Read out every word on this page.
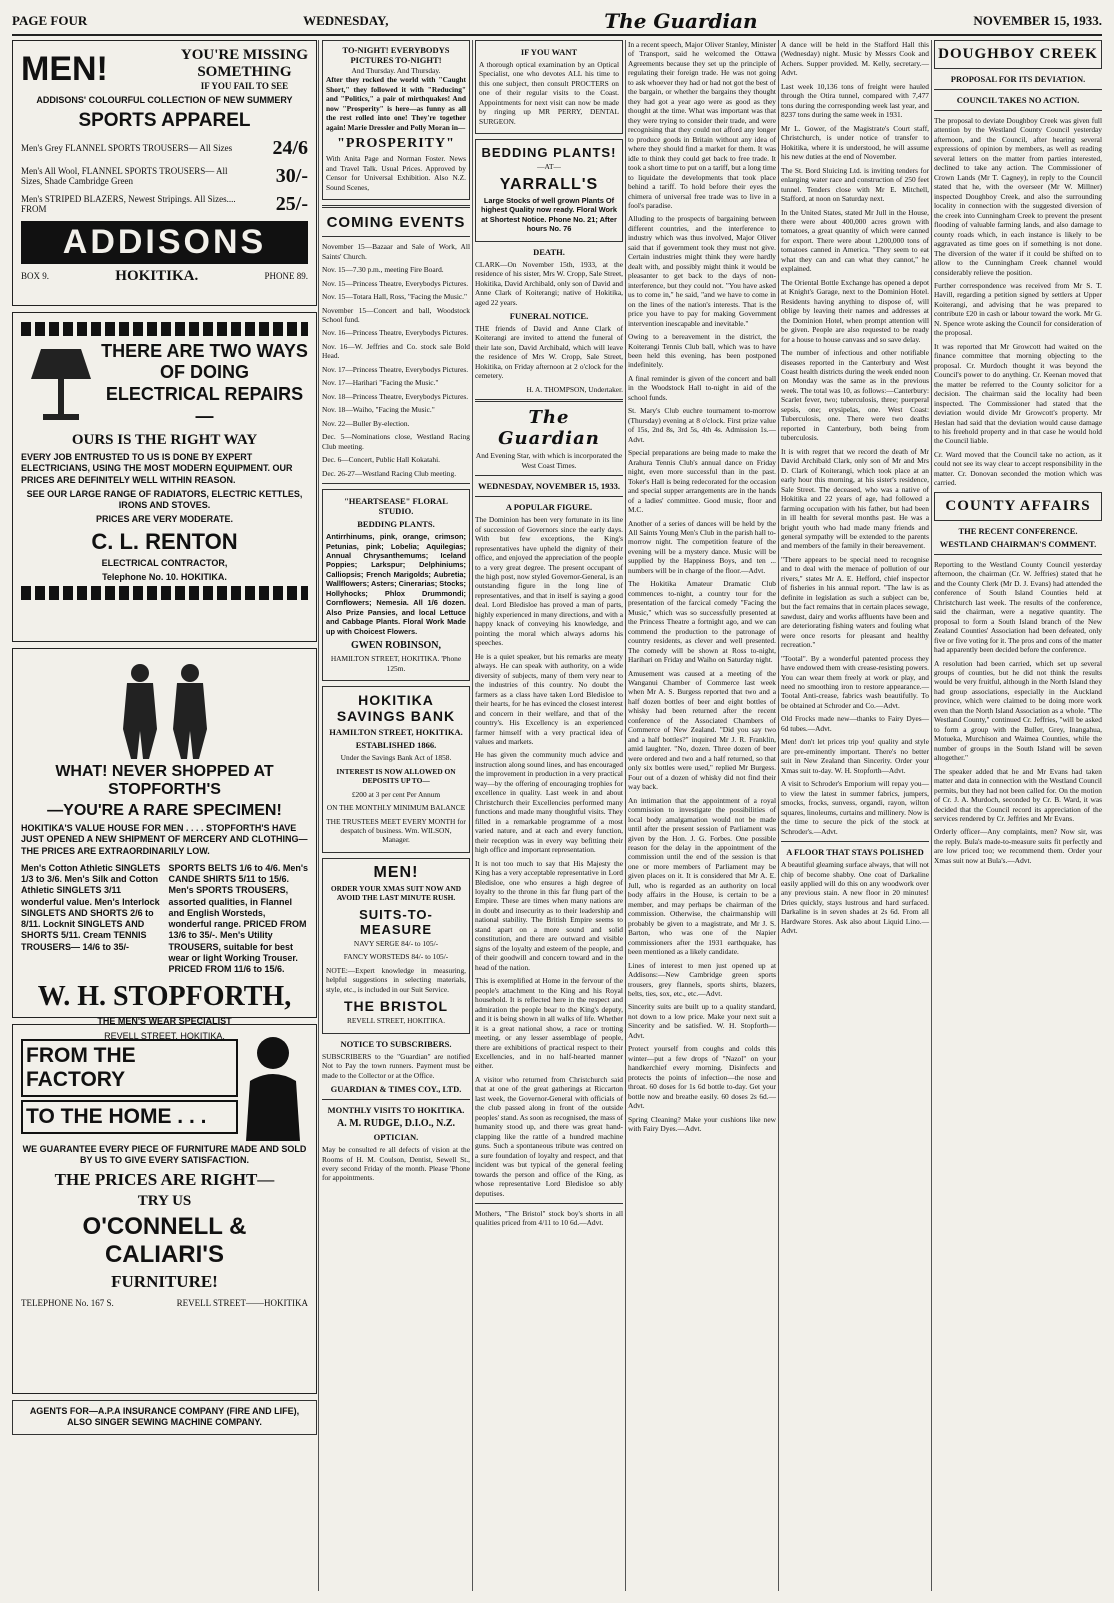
PAGE FOUR	WEDNESDAY,	The Guardian	NOVEMBER 15, 1933.
MEN!	YOU'RE MISSING
SOMETHING
IF YOU FAIL TO SEE

ADDISONS' COLOURFUL COLLECTION OF NEW SUMMERY

SPORTS APPAREL

Men's Grey FLANNEL SPORTS TROUSERS— All Sizes	24/6
Men's All Wool, FLANNEL SPORTS TROUSERS— All Sizes, Shade Cambridge Green	30/-
Men's STRIPED BLAZERS, Newest Stripings. All Sizes.... FROM	25/-
ADDISONS
BOX 9.	HOKITIKA.	PHONE 89.
THERE ARE TWO WAYS OF DOING ELECTRICAL REPAIRS—

OURS IS THE RIGHT WAY

EVERY JOB ENTRUSTED TO US IS DONE BY EXPERT ELECTRICIANS, USING THE MOST MODERN EQUIPMENT. OUR PRICES ARE DEFINITELY WELL WITHIN REASON.

SEE OUR LARGE RANGE OF RADIATORS, ELECTRIC KETTLES, IRONS AND STOVES.

PRICES ARE VERY MODERATE.

C. L. RENTON

ELECTRICAL CONTRACTOR,

Telephone No. 10. HOKITIKA.

WHAT! NEVER SHOPPED AT STOPFORTH'S

—YOU'RE A RARE SPECIMEN!

HOKITIKA'S VALUE HOUSE FOR MEN . . . . STOPFORTH'S HAVE JUST OPENED A NEW SHIPMENT OF MERCERY AND CLOTHING—THE PRICES ARE EXTRAORDINARILY LOW.

Men's Cotton Athletic SINGLETS 1/3 to 3/6. Men's Silk and Cotton Athletic SINGLETS 3/11 wonderful value. Men's Interlock SINGLETS AND SHORTS 2/6 to 8/11. Locknit SINGLETS AND SHORTS 5/11. Cream TENNIS TROUSERS— 14/6 to 35/-

SPORTS BELTS 1/6 to 4/6. Men's CANDE SHIRTS 5/11 to 15/6. Men's SPORTS TROUSERS, assorted qualities, in Flannel and English Worsteds, wonderful range. PRICED FROM 13/6 to 35/-. Men's Utility TROUSERS, suitable for best wear or light Working Trouser. PRICED FROM 11/6 to 15/6.

W. H. STOPFORTH,

THE MEN'S WEAR SPECIALIST

REVELL STREET, HOKITIKA.

FROM THE FACTORY

TO THE HOME . . .

WE GUARANTEE EVERY PIECE OF FURNITURE MADE AND SOLD BY US TO GIVE EVERY SATISFACTION.

THE PRICES ARE RIGHT—

TRY US

O'CONNELL & CALIARI'S

FURNITURE!

TELEPHONE No. 167 S.	REVELL STREET——HOKITIKA
AGENTS FOR—A.P.A INSURANCE COMPANY (FIRE AND LIFE), ALSO SINGER SEWING MACHINE COMPANY.

TO-NIGHT! EVERYBODYS PICTURES TO-NIGHT!

And Thursday. And Thursday.

After they rocked the world with "Caught Short," they followed it with "Reducing" and "Politics," a pair of mirthquakes! And now "Prosperity" is here—as funny as all the rest rolled into one! They're together again! Marie Dressler and Polly Moran in—

"PROSPERITY"

With Anita Page and Norman Foster. News and Travel Talk. Usual Prices. Approved by Censor for Universal Exhibition. Also N.Z. Sound Scenes,

COMING EVENTS

November 15—Bazaar and Sale of Work, All Saints' Church.

Nov. 15—7.30 p.m., meeting Fire Board.

Nov. 15—Princess Theatre, Everybodys Pictures.

Nov. 15—Totara Hall, Ross, "Facing the Music."

November 15—Concert and ball, Woodstock School fund.

Nov. 16—Princess Theatre, Everybodys Pictures.

Nov. 16—W. Jeffries and Co. stock sale Bold Head.

Nov. 17—Princess Theatre, Everybodys Pictures.

Nov. 17—Harihari "Facing the Music."

Nov. 18—Princess Theatre, Everybodys Pictures.

Nov. 18—Waiho, "Facing the Music."

Nov. 22—Buller By-election.

Dec. 5—Nominations close, Westland Racing Club meeting.

Dec. 6—Concert, Public Hall Kokatahi.

Dec. 26-27—Westland Racing Club meeting.

"HEARTSEASE" FLORAL STUDIO.

BEDDING PLANTS.

Antirrhinums, pink, orange, crimson; Petunias, pink; Lobelia; Aquilegias; Annual Chrysanthemums; Iceland Poppies; Larkspur; Delphiniums; Calliopsis; French Marigolds; Aubretia; Wallflowers; Asters; Cinerarias; Stocks; Hollyhocks; Phlox Drummondi; Cornflowers; Nemesia. All 1/6 dozen. Also Prize Pansies, and local Lettuce and Cabbage Plants. Floral Work Made up with Choicest Flowers.

GWEN ROBINSON,

HAMILTON STREET, HOKITIKA. 'Phone 125m.

HOKITIKA SAVINGS BANK

HAMILTON STREET, HOKITIKA.

ESTABLISHED 1866.

Under the Savings Bank Act of 1858.

INTEREST IS NOW ALLOWED ON DEPOSITS UP TO—

£200 at 3 per cent Per Annum

ON THE MONTHLY MINIMUM BALANCE

THE TRUSTEES MEET EVERY MONTH for despatch of business. Wm. WILSON, Manager.

MEN!

ORDER YOUR XMAS SUIT NOW AND AVOID THE LAST MINUTE RUSH.

SUITS-TO-MEASURE

NAVY SERGE 84/- to 105/-

FANCY WORSTEDS 84/- to 105/-

NOTE:—Expert knowledge in measuring, helpful suggestions in selecting materials, style, etc., is included in our Suit Service.

THE BRISTOL

REVELL STREET, HOKITIKA.

NOTICE TO SUBSCRIBERS.

SUBSCRIBERS to the "Guardian" are notified Not to Pay the town runners. Payment must be made to the Collector or at the Office.

GUARDIAN & TIMES COY., LTD.

MONTHLY VISITS TO HOKITIKA.

A. M. RUDGE, D.I.O., N.Z.

OPTICIAN.

May be consulted re all defects of vision at the Rooms of H. M. Coulson, Dentist, Sewell St., every second Friday of the month. Please 'Phone for appointments.

IF YOU WANT

A thorough optical examination by an Optical Specialist, one who devotes ALL his time to this one subject, then consult PROCTERS on one of their regular visits to the Coast. Appointments for next visit can now be made by ringing up MR PERRY, DENTAL SURGEON.

BEDDING PLANTS!

—AT—

YARRALL'S

Large Stocks of well grown Plants Of highest Quality now ready. Floral Work at Shortest Notice. Phone No. 21; After hours No. 76

DEATH.

CLARK—On November 15th, 1933, at the residence of his sister, Mrs W. Cropp, Sale Street, Hokitika, David Archibald, only son of David and Anne Clark of Koiterangi; native of Hokitika, aged 22 years.

FUNERAL NOTICE.

THE friends of David and Anne Clark of Koiterangi are invited to attend the funeral of their late son, David Archibald, which will leave the residence of Mrs W. Cropp, Sale Street, Hokitika, on Friday afternoon at 2 o'clock for the cemetery.

H. A. THOMPSON, Undertaker.

The Guardian

And Evening Star, with which is incorporated the West Coast Times.

WEDNESDAY, NOVEMBER 15, 1933.

A POPULAR FIGURE.

The Dominion has been very fortunate in its line of succession of Governors since the early days. With but few exceptions, the King's representatives have upheld the dignity of their office, and enjoyed the appreciation of the people to a very great degree. The present occupant of the high post, now styled Governor-General, is an outstanding figure in the long line of representatives, and that in itself is saying a good deal. Lord Bledisloe has proved a man of parts, highly experienced in many directions, and with a happy knack of conveying his knowledge, and pointing the moral which always adorns his speeches.

He is a quiet speaker, but his remarks are meaty always. He can speak with authority, on a wide diversity of subjects, many of them very near to the industries of this country. No doubt the farmers as a class have taken Lord Bledisloe to their hearts, for he has evinced the closest interest and concern in their welfare, and that of the country's. His Excellency is an experienced farmer himself with a very practical idea of values and markets.

He has given the community much advice and instruction along sound lines, and has encouraged the improvement in production in a very practical way—by the offering of encouraging trophies for excellence in quality. Last week in and about Christchurch their Excellencies performed many functions and made many thoughtful visits. They filled in a remarkable programme of a most varied nature, and at each and every function, their reception was in every way befitting their high office and important representation.

It is not too much to say that His Majesty the King has a very acceptable representative in Lord Bledisloe, one who ensures a high degree of loyalty to the throne in this far flung part of the Empire. These are times when many nations are in doubt and insecurity as to their leadership and national stability. The British Empire seems to stand apart on a more sound and solid constitution, and there are outward and visible signs of the loyalty and esteem of the people, and of their goodwill and concern toward and in the head of the nation.

This is exemplified at Home in the fervour of the people's attachment to the King and his Royal household. It is reflected here in the respect and admiration the people bear to the King's deputy, and it is being shown in all walks of life. Whether it is a great national show, a race or trotting meeting, or any lesser assemblage of people, there are exhibitions of practical respect to their Excellencies, and in no half-hearted manner either.

A visitor who returned from Christchurch said that at one of the great gatherings at Riccarton last week, the Governor-General with officials of the club passed along in front of the outside peoples' stand. As soon as recognised, the mass of humanity stood up, and there was great hand-clapping like the rattle of a hundred machine guns. Such a spontaneous tribute was centred on a sure foundation of loyalty and respect, and that incident was but typical of the general feeling towards the person and office of the King, as whose representative Lord Bledisloe so ably deputises.

Mothers, "The Bristol" stock boy's shorts in all qualities priced from 4/11 to 10 6d.—Advt.

In a recent speech, Major Oliver Stanley, Minister of Transport, said he welcomed the Ottawa Agreements because they set up the principle of regulating their foreign trade. He was not going to ask whoever they had or had not got the best of the bargain, or whether the bargains they thought they had got a year ago were as good as they thought at the time. What was important was that they were trying to consider their trade, and were recognising that they could not afford any longer to produce goods in Britain without any idea of where they should find a market for them. It was idle to think they could get back to free trade. It took a short time to put on a tariff, but a long time to liquidate the developments that took place behind a tariff. To hold before their eyes the chimera of universal free trade was to live in a fool's paradise.

Alluding to the prospects of bargaining between different countries, and the interference to industry which was thus involved, Major Oliver said that if government took they must not give. Certain industries might think they were hardly dealt with, and possibly might think it would be pleasanter to get back to the days of non-interference, but they could not. "You have asked us to come in," he said, "and we have to come in on the lines of the nation's interests. That is the price you have to pay for making Government intervention inescapable and inevitable."

Owing to a bereavement in the district, the Koiterangi Tennis Club ball, which was to have been held this evening, has been postponed indefinitely.

A final reminder is given of the concert and ball in the Woodstock Hall to-night in aid of the school funds.

St. Mary's Club euchre tournament to-morrow (Thursday) evening at 8 o'clock. First prize value of 15s, 2nd 8s, 3rd 5s, 4th 4s. Admission 1s.—Advt.

Special preparations are being made to make the Arahura Tennis Club's annual dance on Friday night, even more successful than in the past. Toker's Hall is being redecorated for the occasion and special supper arrangements are in the hands of a ladies' committee. Good music, floor and M.C.

Another of a series of dances will be held by the All Saints Young Men's Club in the parish hall to-morrow night. The competition feature of the evening will be a mystery dance. Music will be supplied by the Happiness Boys, and ten ... numbers will be in charge of the floor.—Advt.

The Hokitika Amateur Dramatic Club commences to-night, a country tour for the presentation of the farcical comedy "Facing the Music," which was so successfully presented at the Princess Theatre a fortnight ago, and we can commend the production to the patronage of country residents, as clever and well presented. The comedy will be shown at Ross to-night, Harihari on Friday and Waiho on Saturday night.

Amusement was caused at a meeting of the Wanganui Chamber of Commerce last week when Mr A. S. Burgess reported that two and a half dozen bottles of beer and eight bottles of whisky had been returned after the recent conference of the Associated Chambers of Commerce of New Zealand. "Did you say two and a half bottles?" inquired Mr J. R. Franklin, amid laughter. "No, dozen. Three dozen of beer were ordered and two and a half returned, so that only six bottles were used," replied Mr Burgess. Four out of a dozen of whisky did not find their way back.

An intimation that the appointment of a royal commission to investigate the possibilities of local body amalgamation would not be made until after the present session of Parliament was given by the Hon. J. G. Forbes. One possible reason for the delay in the appointment of the commission until the end of the session is that one or more members of Parliament may be given places on it. It is considered that Mr A. E. Jull, who is regarded as an authority on local body affairs in the House, is certain to be a member, and may perhaps be chairman of the commission. Otherwise, the chairmanship will probably be given to a magistrate, and Mr J. S. Barton, who was one of the Napier commissioners after the 1931 earthquake, has been mentioned as a likely candidate.

Lines of interest to men just opened up at Addisons:—New Cambridge green sports trousers, grey flannels, sports shirts, blazers, belts, ties, sox, etc., etc.—Advt.

Sincerity suits are built up to a quality standard, not down to a low price. Make your next suit a Sincerity and be satisfied. W. H. Stopforth—Advt.

Protect yourself from coughs and colds this winter—put a few drops of "Nazol" on your handkerchief every morning. Disinfects and protects the points of infection—the nose and throat. 60 doses for 1s 6d bottle to-day. Get your bottle now and breathe easily. 60 doses 2s 6d.—Advt.

Spring Cleaning? Make your cushions like new with Fairy Dyes.—Advt.

A dance will be held in the Stafford Hall this (Wednesday) night. Music by Messrs Cook and Achers. Supper provided. M. Kelly, secretary.—Advt.

Last week 10,136 tons of freight were hauled through the Otira tunnel, compared with 7,477 tons during the corresponding week last year, and 8237 tons during the same week in 1931.

Mr L. Gower, of the Magistrate's Court staff, Christchurch, is under notice of transfer to Hokitika, where it is understood, he will assume his new duties at the end of November.

The St. Bord Sluicing Ltd. is inviting tenders for enlarging water race and construction of 250 feet tunnel. Tenders close with Mr E. Mitchell, Stafford, at noon on Saturday next.

In the United States, stated Mr Jull in the House, there were about 400,000 acres grown with tomatoes, a great quantity of which were canned for export. There were about 1,200,000 tons of tomatoes canned in America. "They seem to eat what they can and can what they cannot," he explained.

The Oriental Bottle Exchange has opened a depot at Knight's Garage, next to the Dominion Hotel. Residents having anything to dispose of, will oblige by leaving their names and addresses at the Dominion Hotel, when prompt attention will be given. People are also requested to be ready for a house to house canvass and so save delay.

The number of infectious and other notifiable diseases reported in the Canterbury and West Coast health districts during the week ended noon on Monday was the same as in the previous week. The total was 10, as follows:—Canterbury: Scarlet fever, two; tuberculosis, three; puerperal sepsis, one; erysipelas, one. West Coast: Tuberculosis, one. There were two deaths reported in Canterbury, both being from tuberculosis.

It is with regret that we record the death of Mr David Archibald Clark, only son of Mr and Mrs D. Clark of Koiterangi, which took place at an early hour this morning, at his sister's residence, Sale Street. The deceased, who was a native of Hokitika and 22 years of age, had followed a farming occupation with his father, but had been in ill health for several months past. He was a bright youth who had made many friends and general sympathy will be extended to the parents and members of the family in their bereavement.

"There appears to be special need to recognise and to deal with the menace of pollution of our rivers," states Mr A. E. Hefford, chief inspector of fisheries in his annual report. "The law is as definite in legislation as such a subject can be, but the fact remains that in certain places sewage, sawdust, dairy and works affluents have been and are deteriorating fishing waters and fouling what were once resorts for pleasant and healthy recreation."

"Tootal". By a wonderful patented process they have endowed them with crease-resisting powers. You can wear them freely at work or play, and need no smoothing iron to restore appearance.—Tootal Anti-crease, fabrics wash beautifully. To be obtained at Schroder and Co.—Advt.

Old Frocks made new—thanks to Fairy Dyes—6d tubes.—Advt.

Men! don't let prices trip you! quality and style are pre-eminently important. There's no better suit in New Zealand than Sincerity. Order your Xmas suit to-day. W. H. Stopforth—Advt.

A visit to Schroder's Emporium will repay you—to view the latest in summer fabrics, jumpers, smocks, frocks, sunvess, organdi, rayon, wilton squares, linoleums, curtains and millinery. Now is the time to secure the pick of the stock at Schroder's.—Advt.

A FLOOR THAT STAYS POLISHED

A beautiful gleaming surface always, that will not chip of become shabby. One coat of Darkaline easily applied will do this on any woodwork over any previous stain. A new floor in 20 minutes! Dries quickly, stays lustrous and hard surfaced. Darkaline is in seven shades at 2s 6d. From all Hardware Stores. Ask also about Liquid Lino.—Advt.

DOUGHBOY CREEK

PROPOSAL FOR ITS DEVIATION.

COUNCIL TAKES NO ACTION.

The proposal to deviate Doughboy Creek was given full attention by the Westland County Council yesterday afternoon, and the Council, after hearing several expressions of opinion by members, as well as reading several letters on the matter from parties interested, declined to take any action. The Commissioner of Crown Lands (Mr T. Cagney), in reply to the Council stated that he, with the overseer (Mr W. Millner) inspected Doughboy Creek, and also the surrounding locality in connection with the suggested diversion of the creek into Cunningham Creek to prevent the present flooding of valuable farming lands, and also damage to county roads which, in each instance is likely to be aggravated as time goes on if something is not done. The diversion of the water if it could be shifted on to allow to the Cunningham Creek channel would considerably relieve the position.

Further correspondence was received from Mr S. T. Havill, regarding a petition signed by settlers at Upper Koiterangi, and advising that he was prepared to contribute £20 in cash or labour toward the work. Mr G. N. Spence wrote asking the Council for consideration of the proposal.

It was reported that Mr Growcott had waited on the finance committee that morning objecting to the proposal. Cr. Murdoch thought it was beyond the Council's power to do anything. Cr. Keenan moved that the matter be referred to the County solicitor for a decision. The chairman said the locality had been inspected. The Commissioner had stated that the deviation would divide Mr Growcott's property. Mr Heslan had said that the deviation would cause damage to his freehold property and in that case he would hold the Council liable.

Cr. Ward moved that the Council take no action, as it could not see its way clear to accept responsibility in the matter. Cr. Donovan seconded the motion which was carried.

COUNTY AFFAIRS

THE RECENT CONFERENCE.

WESTLAND CHAIRMAN'S COMMENT.

Reporting to the Westland County Council yesterday afternoon, the chairman (Cr. W. Jeffries) stated that he and the County Clerk (Mr D. J. Evans) had attended the conference of South Island Counties held at Christchurch last week. The results of the conference, said the chairman, were a negative quantity. The proposal to form a South Island branch of the New Zealand Counties' Association had been defeated, only five or five voting for it. The pros and cons of the matter had apparently been decided before the conference.

A resolution had been carried, which set up several groups of counties, but he did not think the results would be very fruitful, although in the North Island they had group associations, especially in the Auckland province, which were claimed to be doing more work even than the North Island Association as a whole. "The Westland County," continued Cr. Jeffries, "will be asked to form a group with the Buller, Grey, Inangahua, Motueka, Murchison and Waimea Counties, while the number of groups in the South Island will be seven altogether."

The speaker added that he and Mr Evans had taken matter and data in connection with the Westland Council permits, but they had not been called for. On the motion of Cr. J. A. Murdoch, seconded by Cr. B. Ward, it was decided that the Council record its appreciation of the services rendered by Cr. Jeffries and Mr Evans.

Orderly officer—Any complaints, men? Now sir, was the reply. Bula's made-to-measure suits fit perfectly and are low priced too; we recommend them. Order your Xmas suit now at Bula's.—Advt.
